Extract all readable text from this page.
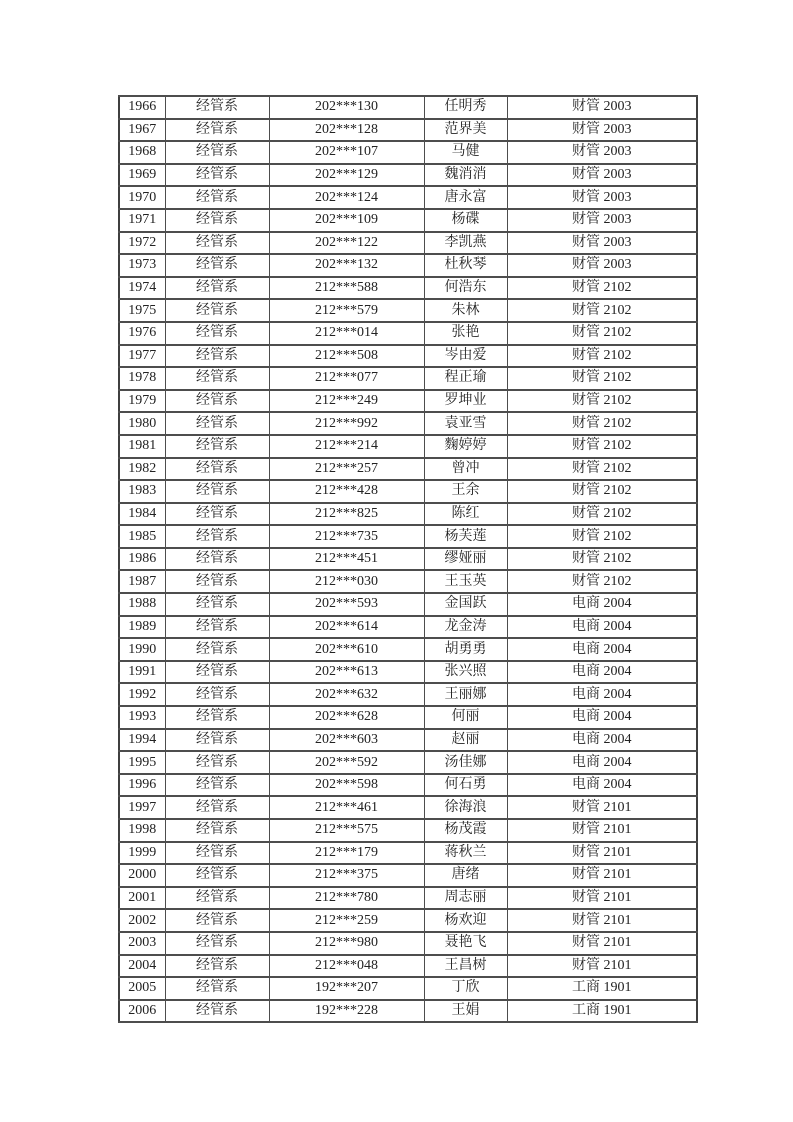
1966	经管系	202***130	任明秀	财管 2003
1967	经管系	202***128	范界美	财管 2003
1968	经管系	202***107	马健	财管 2003
1969	经管系	202***129	魏消消	财管 2003
1970	经管系	202***124	唐永富	财管 2003
1971	经管系	202***109	杨碟	财管 2003
1972	经管系	202***122	李凯燕	财管 2003
1973	经管系	202***132	杜秋琴	财管 2003
1974	经管系	212***588	何浩东	财管 2102
1975	经管系	212***579	朱林	财管 2102
1976	经管系	212***014	张艳	财管 2102
1977	经管系	212***508	岑由爱	财管 2102
1978	经管系	212***077	程正瑜	财管 2102
1979	经管系	212***249	罗坤业	财管 2102
1980	经管系	212***992	袁亚雪	财管 2102
1981	经管系	212***214	麴婷婷	财管 2102
1982	经管系	212***257	曾冲	财管 2102
1983	经管系	212***428	王余	财管 2102
1984	经管系	212***825	陈红	财管 2102
1985	经管系	212***735	杨芙莲	财管 2102
1986	经管系	212***451	缪娅丽	财管 2102
1987	经管系	212***030	王玉英	财管 2102
1988	经管系	202***593	金国跃	电商 2004
1989	经管系	202***614	龙金涛	电商 2004
1990	经管系	202***610	胡勇勇	电商 2004
1991	经管系	202***613	张兴照	电商 2004
1992	经管系	202***632	王丽娜	电商 2004
1993	经管系	202***628	何丽	电商 2004
1994	经管系	202***603	赵丽	电商 2004
1995	经管系	202***592	汤佳娜	电商 2004
1996	经管系	202***598	何石勇	电商 2004
1997	经管系	212***461	徐海浪	财管 2101
1998	经管系	212***575	杨茂霞	财管 2101
1999	经管系	212***179	蒋秋兰	财管 2101
2000	经管系	212***375	唐绪	财管 2101
2001	经管系	212***780	周志丽	财管 2101
2002	经管系	212***259	杨欢迎	财管 2101
2003	经管系	212***980	聂艳飞	财管 2101
2004	经管系	212***048	王昌树	财管 2101
2005	经管系	192***207	丁欣	工商 1901
2006	经管系	192***228	王娟	工商 1901
